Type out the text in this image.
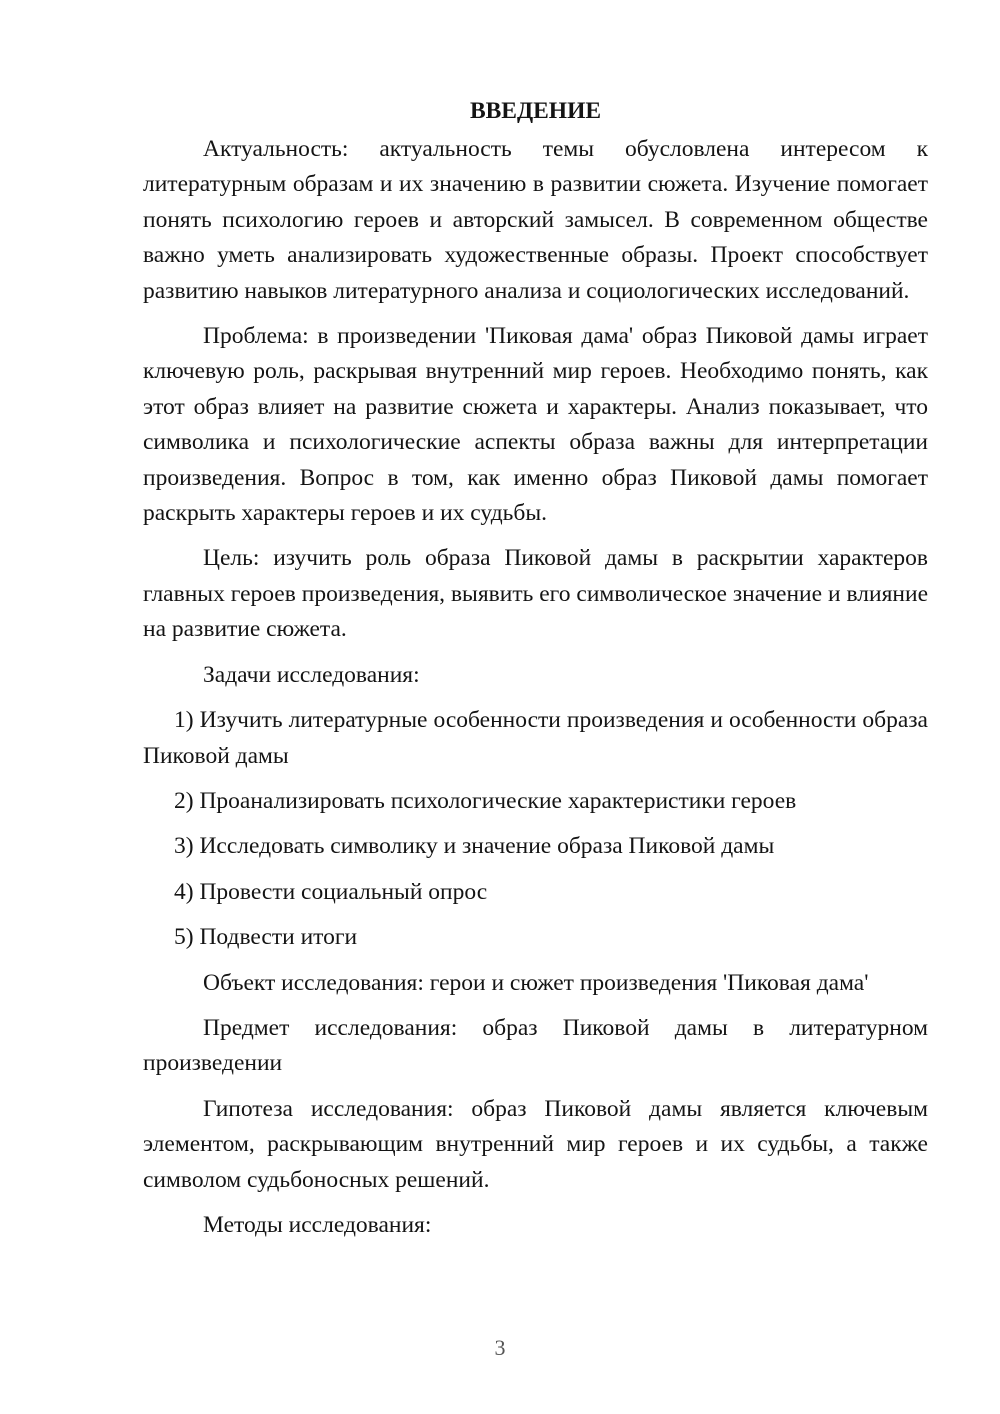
ВВЕДЕНИЕ

Актуальность: актуальность темы обусловлена интересом к литературным образам и их значению в развитии сюжета. Изучение помогает понять психологию героев и авторский замысел. В современном обществе важно уметь анализировать художественные образы. Проект способствует развитию навыков литературного анализа и социологических исследований.

Проблема: в произведении 'Пиковая дама' образ Пиковой дамы играет ключевую роль, раскрывая внутренний мир героев. Необходимо понять, как этот образ влияет на развитие сюжета и характеры. Анализ показывает, что символика и психологические аспекты образа важны для интерпретации произведения. Вопрос в том, как именно образ Пиковой дамы помогает раскрыть характеры героев и их судьбы.

Цель: изучить роль образа Пиковой дамы в раскрытии характеров главных героев произведения, выявить его символическое значение и влияние на развитие сюжета.

Задачи исследования:

1) Изучить литературные особенности произведения и особенности образа Пиковой дамы

2) Проанализировать психологические характеристики героев

3) Исследовать символику и значение образа Пиковой дамы

4) Провести социальный опрос

5) Подвести итоги

Объект исследования: герои и сюжет произведения 'Пиковая дама'

Предмет исследования: образ Пиковой дамы в литературном произведении

Гипотеза исследования: образ Пиковой дамы является ключевым элементом, раскрывающим внутренний мир героев и их судьбы, а также символом судьбоносных решений.

Методы исследования:

3
